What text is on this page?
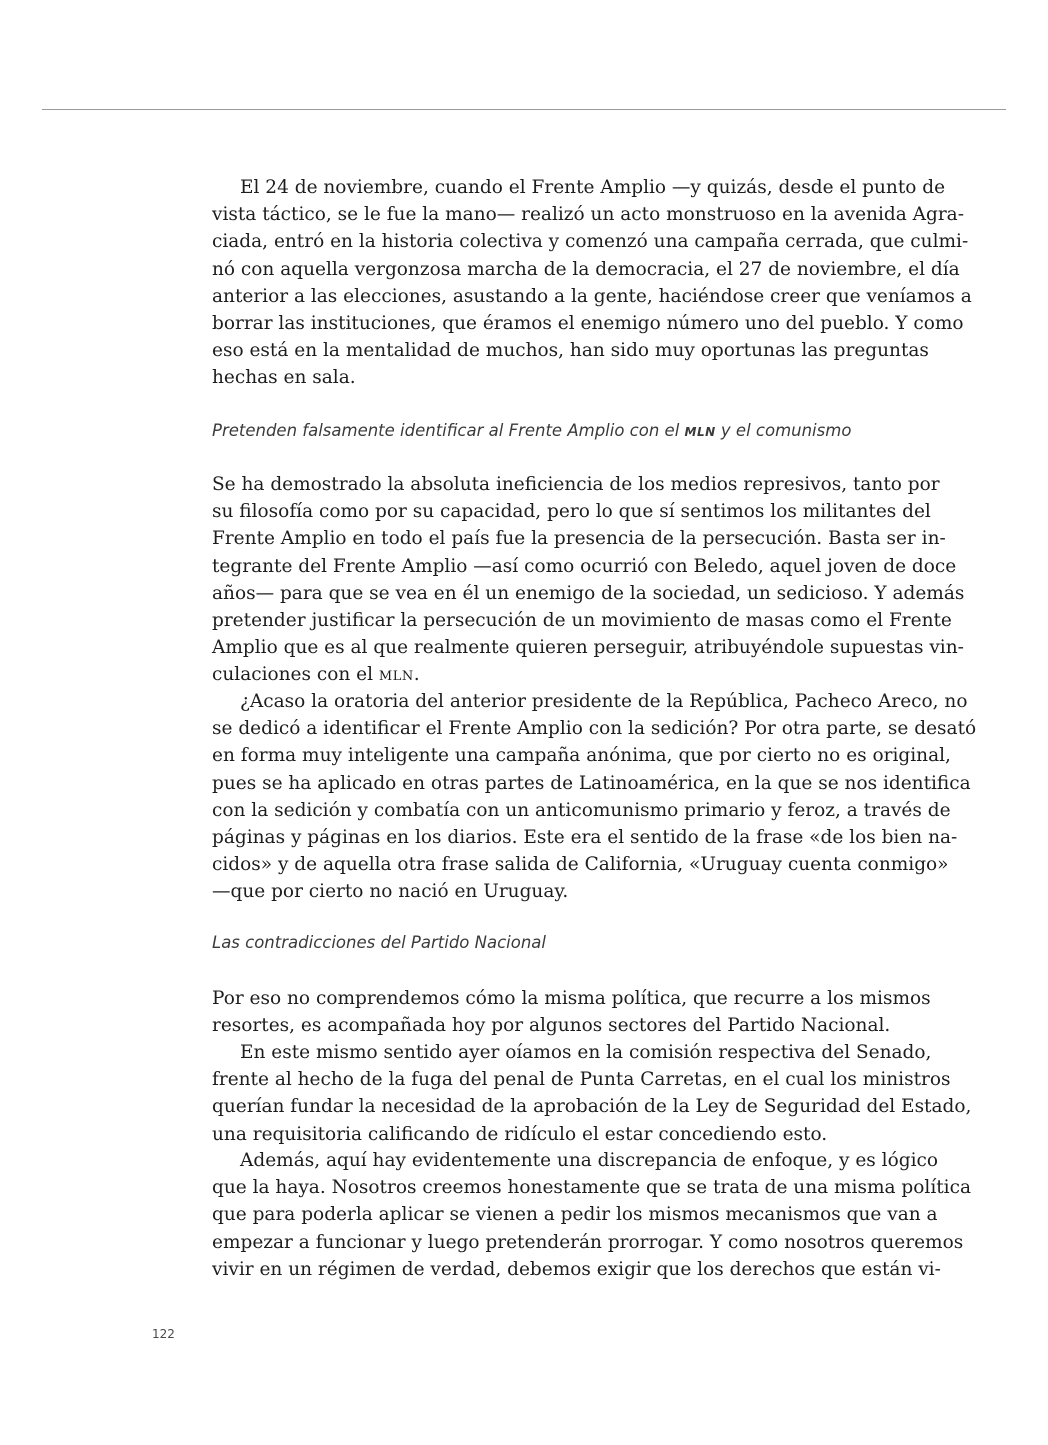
El 24 de noviembre, cuando el Frente Amplio —y quizás, desde el punto de
vista táctico, se le fue la mano— realizó un acto monstruoso en la avenida Agra-
ciada, entró en la historia colectiva y comenzó una campaña cerrada, que culmi-
nó con aquella vergonzosa marcha de la democracia, el 27 de noviembre, el día
anterior a las elecciones, asustando a la gente, haciéndose creer que veníamos a
borrar las instituciones, que éramos el enemigo número uno del pueblo. Y como
eso está en la mentalidad de muchos, han sido muy oportunas las preguntas
hechas en sala.
Pretenden falsamente identificar al Frente Amplio con el mln y el comunismo
Se ha demostrado la absoluta ineficiencia de los medios represivos, tanto por
su filosofía como por su capacidad, pero lo que sí sentimos los militantes del
Frente Amplio en todo el país fue la presencia de la persecución. Basta ser in-
tegrante del Frente Amplio —así como ocurrió con Beledo, aquel joven de doce
años— para que se vea en él un enemigo de la sociedad, un sedicioso. Y además
pretender justificar la persecución de un movimiento de masas como el Frente
Amplio que es al que realmente quieren perseguir, atribuyéndole supuestas vin-
culaciones con el mln.
¿Acaso la oratoria del anterior presidente de la República, Pacheco Areco, no
se dedicó a identificar el Frente Amplio con la sedición? Por otra parte, se desató
en forma muy inteligente una campaña anónima, que por cierto no es original,
pues se ha aplicado en otras partes de Latinoamérica, en la que se nos identifica
con la sedición y combatía con un anticomunismo primario y feroz, a través de
páginas y páginas en los diarios. Este era el sentido de la frase «de los bien na-
cidos» y de aquella otra frase salida de California, «Uruguay cuenta conmigo»
—que por cierto no nació en Uruguay.
Las contradicciones del Partido Nacional
Por eso no comprendemos cómo la misma política, que recurre a los mismos
resortes, es acompañada hoy por algunos sectores del Partido Nacional.
En este mismo sentido ayer oíamos en la comisión respectiva del Senado,
frente al hecho de la fuga del penal de Punta Carretas, en el cual los ministros
querían fundar la necesidad de la aprobación de la Ley de Seguridad del Estado,
una requisitoria calificando de ridículo el estar concediendo esto.
Además, aquí hay evidentemente una discrepancia de enfoque, y es lógico
que la haya. Nosotros creemos honestamente que se trata de una misma política
que para poderla aplicar se vienen a pedir los mismos mecanismos que van a
empezar a funcionar y luego pretenderán prorrogar. Y como nosotros queremos
vivir en un régimen de verdad, debemos exigir que los derechos que están vi-
122
